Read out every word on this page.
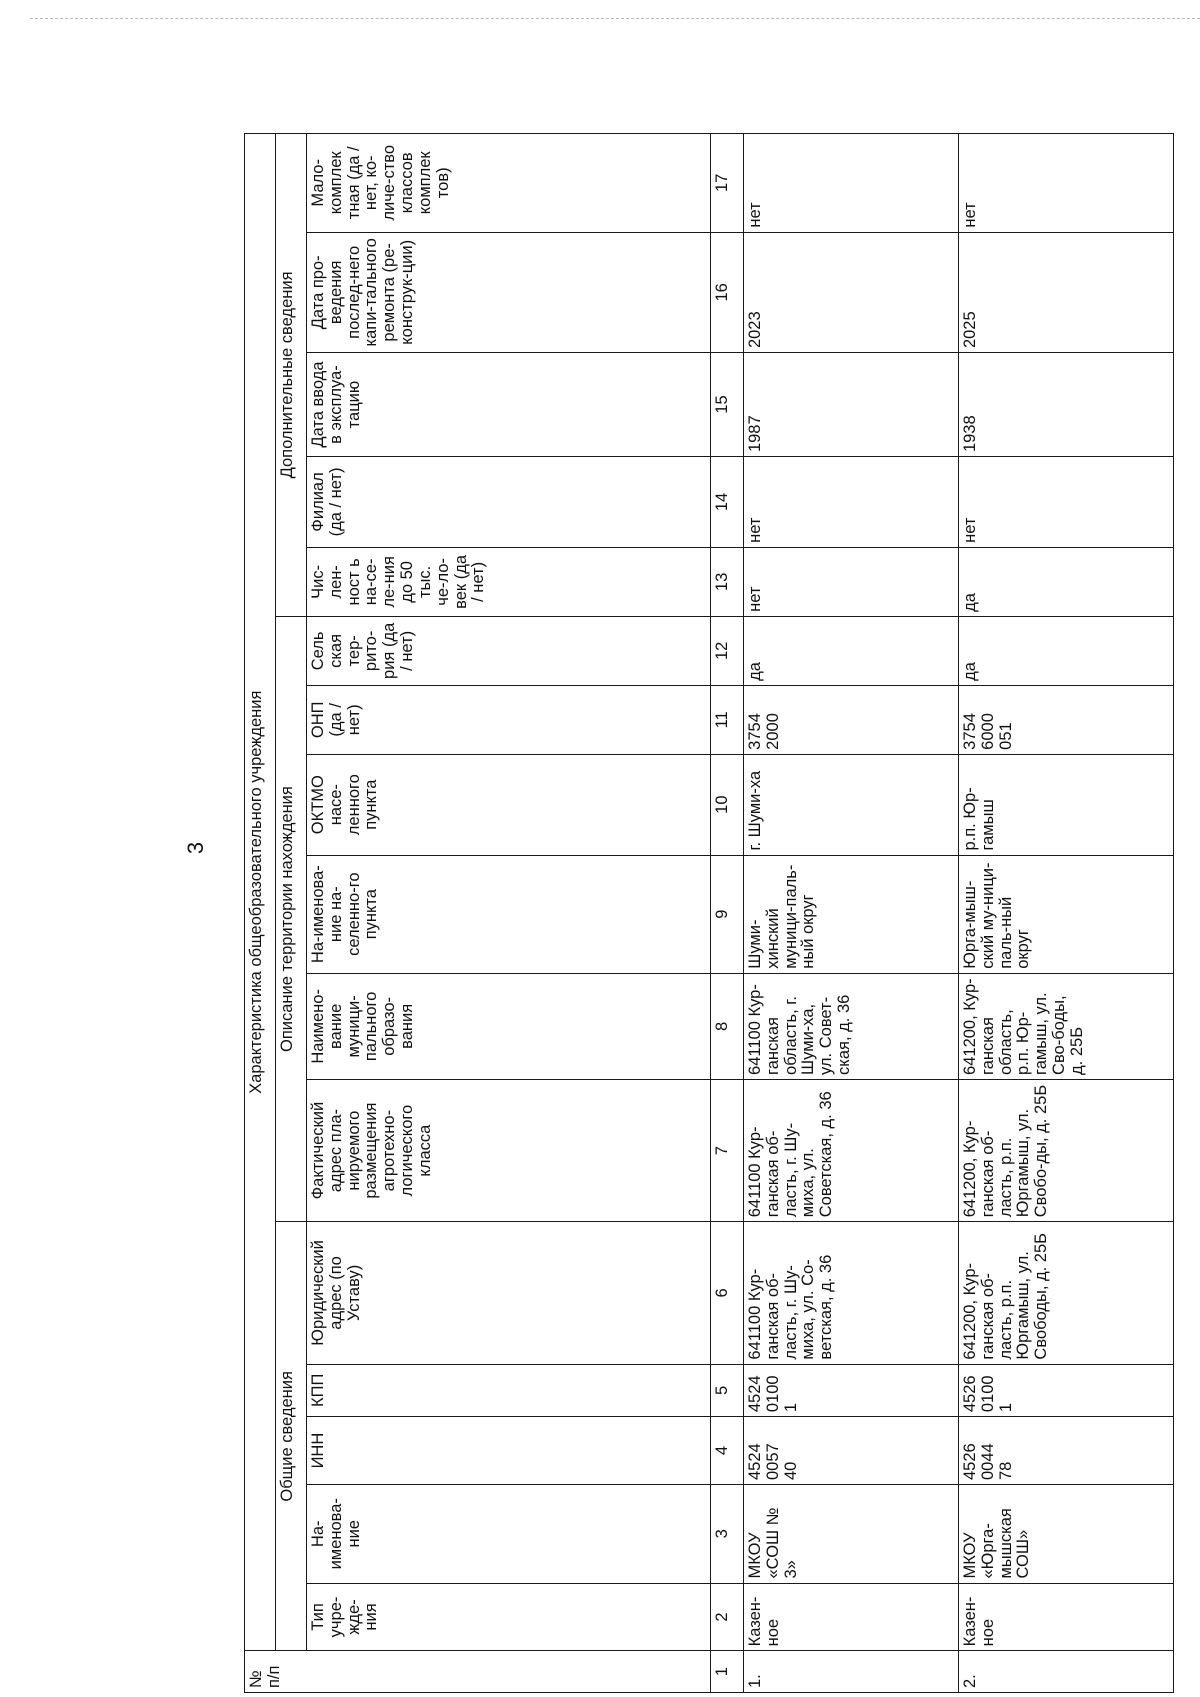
3
№ п/п	Характеристика общеобразовательного учреждения															
	Общие сведения					Описание территории нахождения						Дополнительные сведения				
	Тип учре-жде-ния	На-именова-ние	ИНН	КПП	Юридический адрес (по Уставу)	Фактический адрес пла-нируемого размещения агротехно-логического класса	Наимено-вание муници-пального образо-вания	На-именова-ние на-селенно-го пункта	ОКТМО насе-ленного пункта	ОНП (да / нет)	Сель ская тер-рито-рия (да / нет)	Чис-лен-ност ь на-се-ле-ния до 50 тыс. че-ло-век (да / нет)	Филиал (да / нет)	Дата ввода в эксплуа-тацию	Дата про-ведения послед-него капи-тального ремонта (ре-конструк-ции)	Мало-комплек тная (да / нет, ко-личе-ство классов комплек тов)
1	2	3	4	5	6	7	8	9	10	11	12	13	14	15	16	17
1.	Казен-ное	МКОУ «СОШ № 3»	4524 0057 40	4524 0100 1	641100 Кур-ганская об-ласть, г. Шу-миха, ул. Со-ветская, д. 36	641100 Кур-ганская об-ласть, г. Шу-миха, ул. Советская, д. 36	641100 Кур-ганская область, г. Шуми-ха, ул. Совет-ская, д. 36	Шуми-хинский муници-паль-ный округ	г. Шуми-ха	3754 2000	да	нет	нет	1987	2023	нет
2.	Казен-ное	МКОУ «Юрга-мышская СОШ»	4526 0044 78	4526 0100 1	641200, Кур-ганская об-ласть, р.п. Юргамыш, ул. Свободы, д. 25Б	641200, Кур-ганская об-ласть, р.п. Юргамыш, ул. Свобо-ды, д. 25Б	641200, Кур-ганская область, р.п. Юр-гамыш, ул. Сво-боды, д. 25Б	Юрга-мыш-ский му-ници-паль-ный округ	р.п. Юр-гамыш	3754 6000 051	да	да	нет	1938	2025	нет
